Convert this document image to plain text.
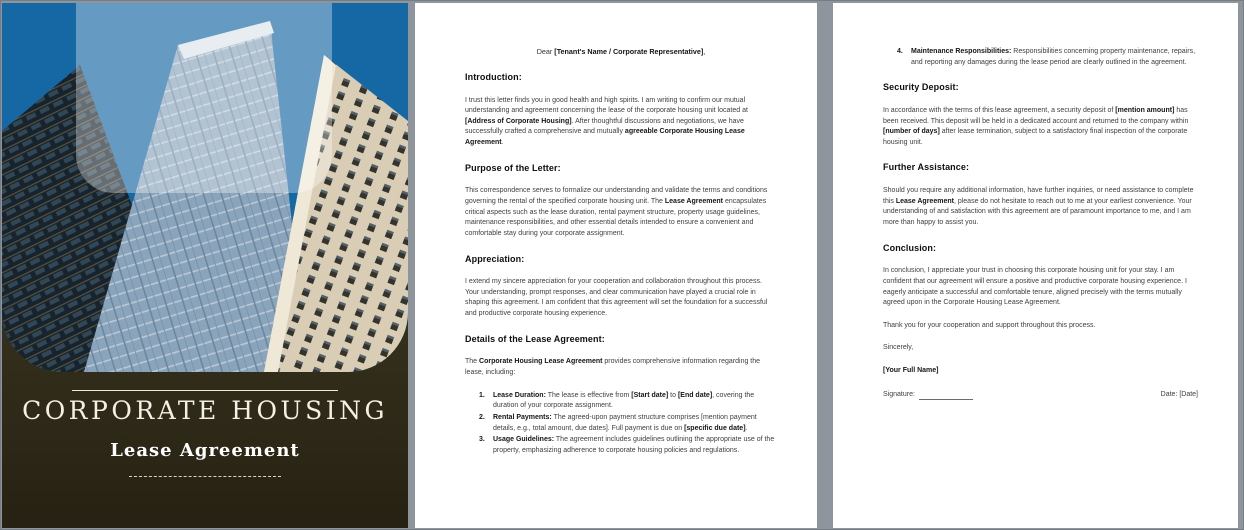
CORPORATE HOUSING
Lease Agreement

Dear [Tenant's Name / Corporate Representative],

Introduction:

I trust this letter finds you in good health and high spirits. I am writing to confirm our mutual understanding and agreement concerning the lease of the corporate housing unit located at [Address of Corporate Housing]. After thoughtful discussions and negotiations, we have successfully crafted a comprehensive and mutually agreeable Corporate Housing Lease Agreement.

Purpose of the Letter:

This correspondence serves to formalize our understanding and validate the terms and conditions governing the rental of the specified corporate housing unit. The Lease Agreement encapsulates critical aspects such as the lease duration, rental payment structure, property usage guidelines, maintenance responsibilities, and other essential details intended to ensure a convenient and comfortable stay during your corporate assignment.

Appreciation:

I extend my sincere appreciation for your cooperation and collaboration throughout this process. Your understanding, prompt responses, and clear communication have played a crucial role in shaping this agreement. I am confident that this agreement will set the foundation for a successful and productive corporate housing experience.

Details of the Lease Agreement:

The Corporate Housing Lease Agreement provides comprehensive information regarding the lease, including:

1.	Lease Duration: The lease is effective from [Start date] to [End date], covering the duration of your corporate assignment.
2.	Rental Payments: The agreed-upon payment structure comprises [mention payment details, e.g., total amount, due dates]. Full payment is due on [specific due date].
3.	Usage Guidelines: The agreement includes guidelines outlining the appropriate use of the property, emphasizing adherence to corporate housing policies and regulations.
4.	Maintenance Responsibilities: Responsibilities concerning property maintenance, repairs, and reporting any damages during the lease period are clearly outlined in the agreement.
Security Deposit:

In accordance with the terms of this lease agreement, a security deposit of [mention amount] has been received. This deposit will be held in a dedicated account and returned to the company within [number of days] after lease termination, subject to a satisfactory final inspection of the corporate housing unit.

Further Assistance:

Should you require any additional information, have further inquiries, or need assistance to complete this Lease Agreement, please do not hesitate to reach out to me at your earliest convenience. Your understanding of and satisfaction with this agreement are of paramount importance to me, and I am more than happy to assist you.

Conclusion:

In conclusion, I appreciate your trust in choosing this corporate housing unit for your stay. I am confident that our agreement will ensure a positive and productive corporate housing experience. I eagerly anticipate a successful and comfortable tenure, aligned precisely with the terms mutually agreed upon in the Corporate Housing Lease Agreement.

Thank you for your cooperation and support throughout this process.

Sincerely,

[Your Full Name]

Signature:	Date: [Date]
